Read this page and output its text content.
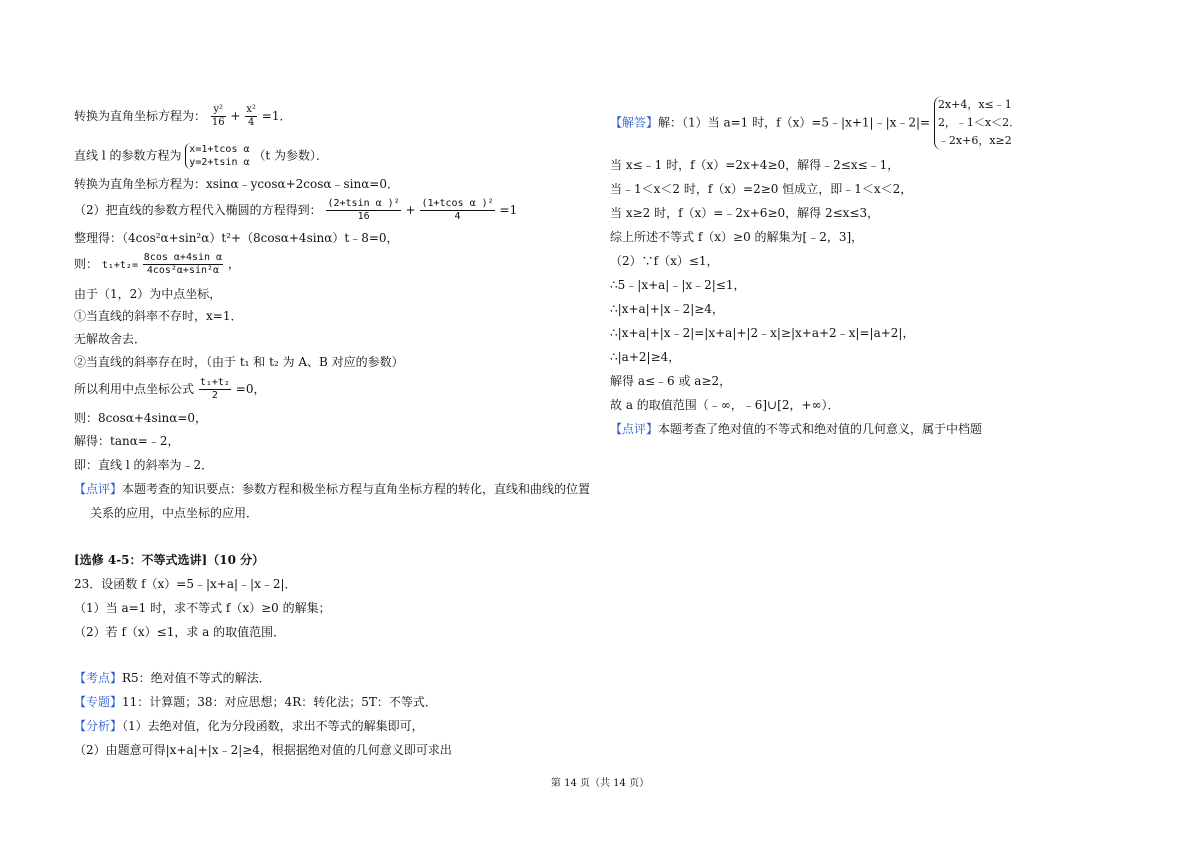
转换为直角坐标方程为： $\frac{\text{y²}}{16} + \frac{\text{x²}}{4} =1$．
直线 l 的参数方程为 x=1+tcos α
y=2+tsin α （t 为参数）．
转换为直角坐标方程为：xsinα﹣ycosα+2cosα﹣sinα=0．
（2）把直线的参数方程代入椭圆的方程得到： $\frac{\text{(2+tsin α )²}}{16} + \frac{\text{(1+tcos α )²}}{4} =1$
整理得：（4cos²α+sin²α）t²+（8cosα+4sinα）t﹣8=0，
则： $t_1+t_2= \frac{\text{8cos α+4sin α}}{\text{4cos²α+sin²α}}$ ，
由于（1，2）为中点坐标，
①当直线的斜率不存时，x=1．
无解故舍去．
②当直线的斜率存在时，（由于 t₁ 和 t₂ 为 A、B 对应的参数）
所以利用中点坐标公式 $\frac{\text{t₁+t₂}}{2} =0$，
则：8cosα+4sinα=0，
解得：tanα=﹣2，
即：直线 l 的斜率为﹣2．
【点评】本题考查的知识要点：参数方程和极坐标方程与直角坐标方程的转化，直线和曲线的位置
关系的应用，中点坐标的应用．
[选修 4-5：不等式选讲]（10 分）
23．设函数 f（x）=5﹣|x+a|﹣|x﹣2|．
（1）当 a=1 时，求不等式 f（x）≥0 的解集；
（2）若 f（x）≤1，求 a 的取值范围．
【考点】R5：绝对值不等式的解法．
【专题】11：计算题；38：对应思想；4R：转化法；5T：不等式．
【分析】（1）去绝对值，化为分段函数，求出不等式的解集即可，
（2）由题意可得|x+a|+|x﹣2|≥4，根据据绝对值的几何意义即可求出
【解答】解：（1）当 a=1 时，f（x）=5﹣|x+1|﹣|x﹣2|=
2x+4，x≤﹣1
2，﹣1＜x＜2．
﹣2x+6，x≥2
当 x≤﹣1 时，f（x）=2x+4≥0，解得﹣2≤x≤﹣1，
当﹣1＜x＜2 时，f（x）=2≥0 恒成立，即﹣1＜x＜2，
当 x≥2 时，f（x）=﹣2x+6≥0，解得 2≤x≤3，
综上所述不等式 f（x）≥0 的解集为[﹣2，3]，
（2）∵f（x）≤1，
∴5﹣|x+a|﹣|x﹣2|≤1，
∴|x+a|+|x﹣2|≥4，
∴|x+a|+|x﹣2|=|x+a|+|2﹣x|≥|x+a+2﹣x|=|a+2|，
∴|a+2|≥4，
解得 a≤﹣6 或 a≥2，
故 a 的取值范围（﹣∞，﹣6]∪[2，+∞）．
【点评】本题考查了绝对值的不等式和绝对值的几何意义，属于中档题
第 14 页（共 14 页）
